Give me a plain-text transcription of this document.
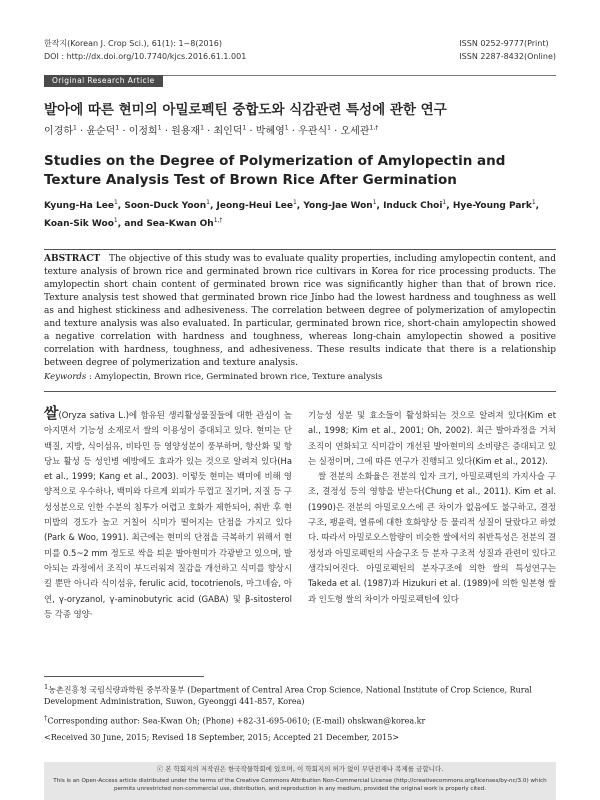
한작지(Korean J. Crop Sci.), 61(1): 1~8(2016)
DOI : http://dx.doi.org/10.7740/kjcs.2016.61.1.001
ISSN 0252-9777(Print)
ISSN 2287-8432(Online)
Original Research Article
발아에 따른 현미의 아밀로펙틴 중합도와 식감관련 특성에 관한 연구
이경하$^1$ · 윤순덕$^1$ · 이정희$^1$ · 원용재$^1$ · 최인덕$^1$ · 박혜영$^1$ · 우관식$^1$ · 오세관$^{1,\dagger}$
Studies on the Degree of Polymerization of Amylopectin and Texture Analysis Test of Brown Rice After Germination
Kyung-Ha Lee$^1$, Soon-Duck Yoon$^1$, Jeong-Heui Lee$^1$, Yong-Jae Won$^1$, Induck Choi$^1$, Hye-Young Park$^1$, Koan-Sik Woo$^1$, and Sea-Kwan $Oh^{1,\dagger}$
ABSTRACT The objective of this study was to evaluate quality properties, including amylopectin content, and texture analysis of brown rice and germinated brown rice cultivars in Korea for rice processing products. The amylopectin short chain content of germinated brown rice was significantly higher than that of brown rice. Texture analysis test showed that germinated brown rice Jinbo had the lowest hardness and toughness as well as and highest stickiness and adhesiveness. The correlation between degree of polymerization of amylopectin and texture analysis was also evaluated. In particular, germinated brown rice, short-chain amylopectin showed a negative correlation with hardness and toughness, whereas long-chain amylopectin showed a positive correlation with hardness, toughness, and adhesiveness. These results indicate that there is a relationship between degree of polymerization and texture analysis.
Keywords : Amylopectin, Brown rice, Germinated brown rice, Texture analysis
쌀(Oryza sativa L.)에 함유된 생리활성물질들에 대한 관심이 높아지면서 기능성 소재로서 쌀의 이용성이 증대되고 있다. 현미는 단백질, 지방, 식이섬유, 비타민 등 영양성분이 풍부하며, 항산화 및 항당뇨 활성 등 성인병 예방에도 효과가 있는 것으로 알려져 있다(Ha et al., 1999; Kang et al., 2003). 이렇듯 현미는 백미에 비해 영양적으로 우수하나, 백미와 다르게 외피가 두껍고 질기며, 지질 등 구성성분으로 인한 수분의 침투가 어렵고 호화가 제한되어, 취반 후 현미밥의 경도가 높고 거칠어 식미가 떨어지는 단점을 가지고 있다(Park & Woo, 1991). 최근에는 현미의 단점을 극복하기 위해서 현미를 0.5~2 mm 정도로 싹을 틔운 발아현미가 각광받고 있으며, 발아되는 과정에서 조직이 부드러워져 질감을 개선하고 식미를 향상시킬 뿐만 아니라 식이섬유, ferulic acid, tocotrienols, 마그네슘, 아연, γ-oryzanol, γ-aminobutyric acid (GABA) 및 β-sitosterol 등 각종 영양·

기능성 성분 및 효소들이 활성화되는 것으로 알려져 있다(Kim et al., 1998; Kim et al., 2001; Oh, 2002). 최근 발아과정을 거쳐 조직이 연화되고 식미감이 개선된 발아현미의 소비량은 증대되고 있는 실정이며, 그에 따른 연구가 진행되고 있다(Kim et al., 2012).

쌀 전분의 소화율은 전분의 입자 크기, 아밀로펙틴의 가지사슬 구조, 결정성 등의 영향을 받는다(Chung et al., 2011). Kim et al. (1990)은 전분의 아밀로오스에 큰 차이가 없음에도 불구하고, 결정구조, 팽윤력, 열류에 대한 호화양상 등 물리적 성질이 달랐다고 하였다. 따라서 아밀로오스함량이 비슷한 쌀에서의 취반특성은 전분의 결정성과 아밀로펙틴의 사슬구조 등 분자 구조적 성질과 관련이 있다고 생각되어진다. 아밀로펙틴의 분자구조에 의한 쌀의 특성연구는 Takeda et al. (1987)과 Hizukuri et al. (1989)에 의한 일본형 쌀과 인도형 쌀의 차이가 아밀로펙틴에 있다

$^1$농촌진흥청 국립식량과학원 중부작물부 (Department of Central Area Crop Science, National Institute of Crop Science, Rural Development Administration, Suwon, Gyeonggi 441-857, Korea)

†Corresponding author: Sea-Kwan Oh; (Phone) +82-31-695-0610; (E-mail) ohskwan@korea.kr

<Received 30 June, 2015; Revised 18 September, 2015; Accepted 21 December, 2015>

ⓒ 본 학회지의 저작권은 한국작물학회에 있으며, 이 학회지의 허가 없이 무단전재나 복제를 금합니다.
This is an Open-Access article distributed under the terms of the Creative Commons Attribution Non-Commercial License (http://creativecommons.org/licenses/by-nc/3.0) which
permits unrestricted non-commercial use, distribution, and reproduction in any medium, provided the original work is properly cited.
